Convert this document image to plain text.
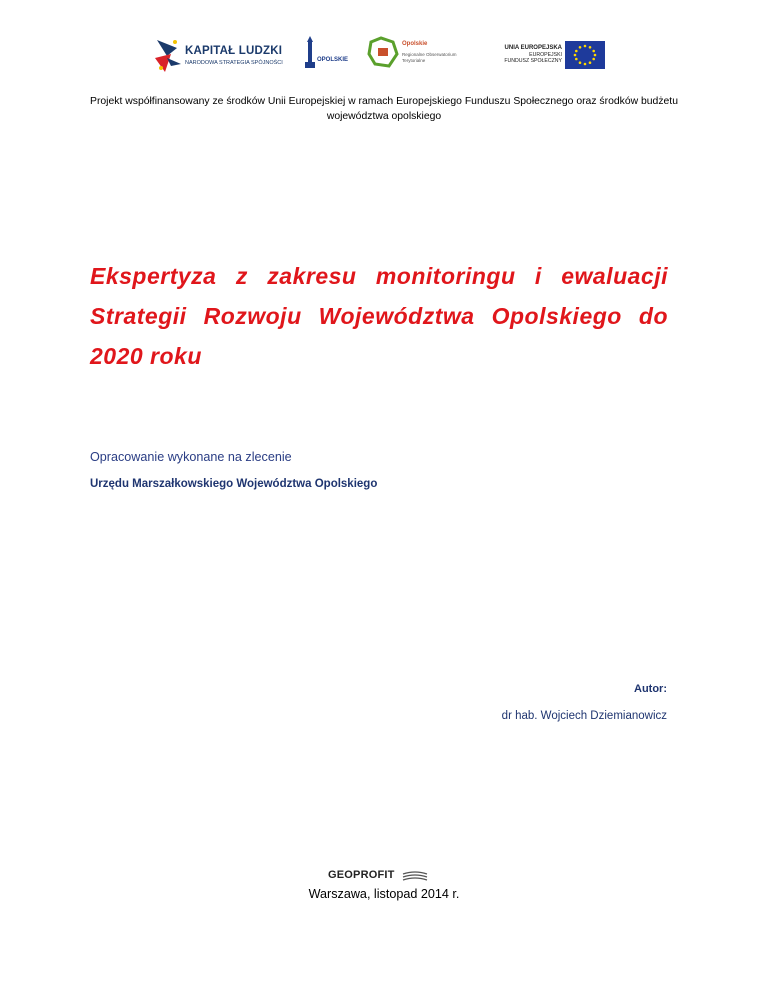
KAPITAŁ LUDZKI
NARODOWA STRATEGIA SPÓJNOŚCI	OPOLSKIE
Opolskie
Regionalne Obserwatorium Terytorialne
UNIA EUROPEJSKA
EUROPEJSKI
FUNDUSZ SPOŁECZNY
Projekt współfinansowany ze środków Unii Europejskiej w ramach Europejskiego Funduszu Społecznego oraz środków budżetu województwa opolskiego
Ekspertyza z zakresu monitoringu i ewaluacji Strategii Rozwoju Województwa Opolskiego do 2020 roku
Opracowanie wykonane na zlecenie
Urzędu Marszałkowskiego Województwa Opolskiego
Autor:
dr hab. Wojciech Dziemianowicz
GEOPROFIT
Warszawa, listopad 2014 r.
